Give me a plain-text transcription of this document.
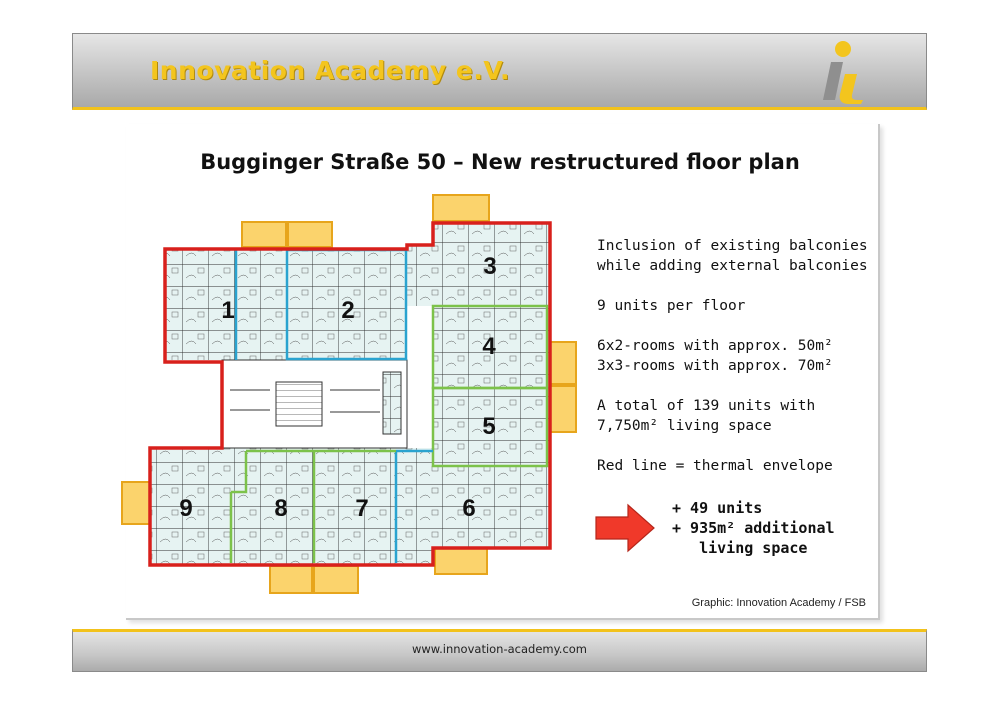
Innovation Academy e.V.
Bugginger Straße 50 – New restructured floor plan
1	2
3
4
5
6
7
8
9

Inclusion of existing balconies
while adding external balconies

9 units per floor

6x2-rooms with approx. 50m²
3x3-rooms with approx. 70m²

A total of 139 units with
7,750m² living space

Red line = thermal envelope

+ 49 units
+ 935m² additional
living space

Graphic: Innovation Academy / FSB

www.innovation-academy.com
